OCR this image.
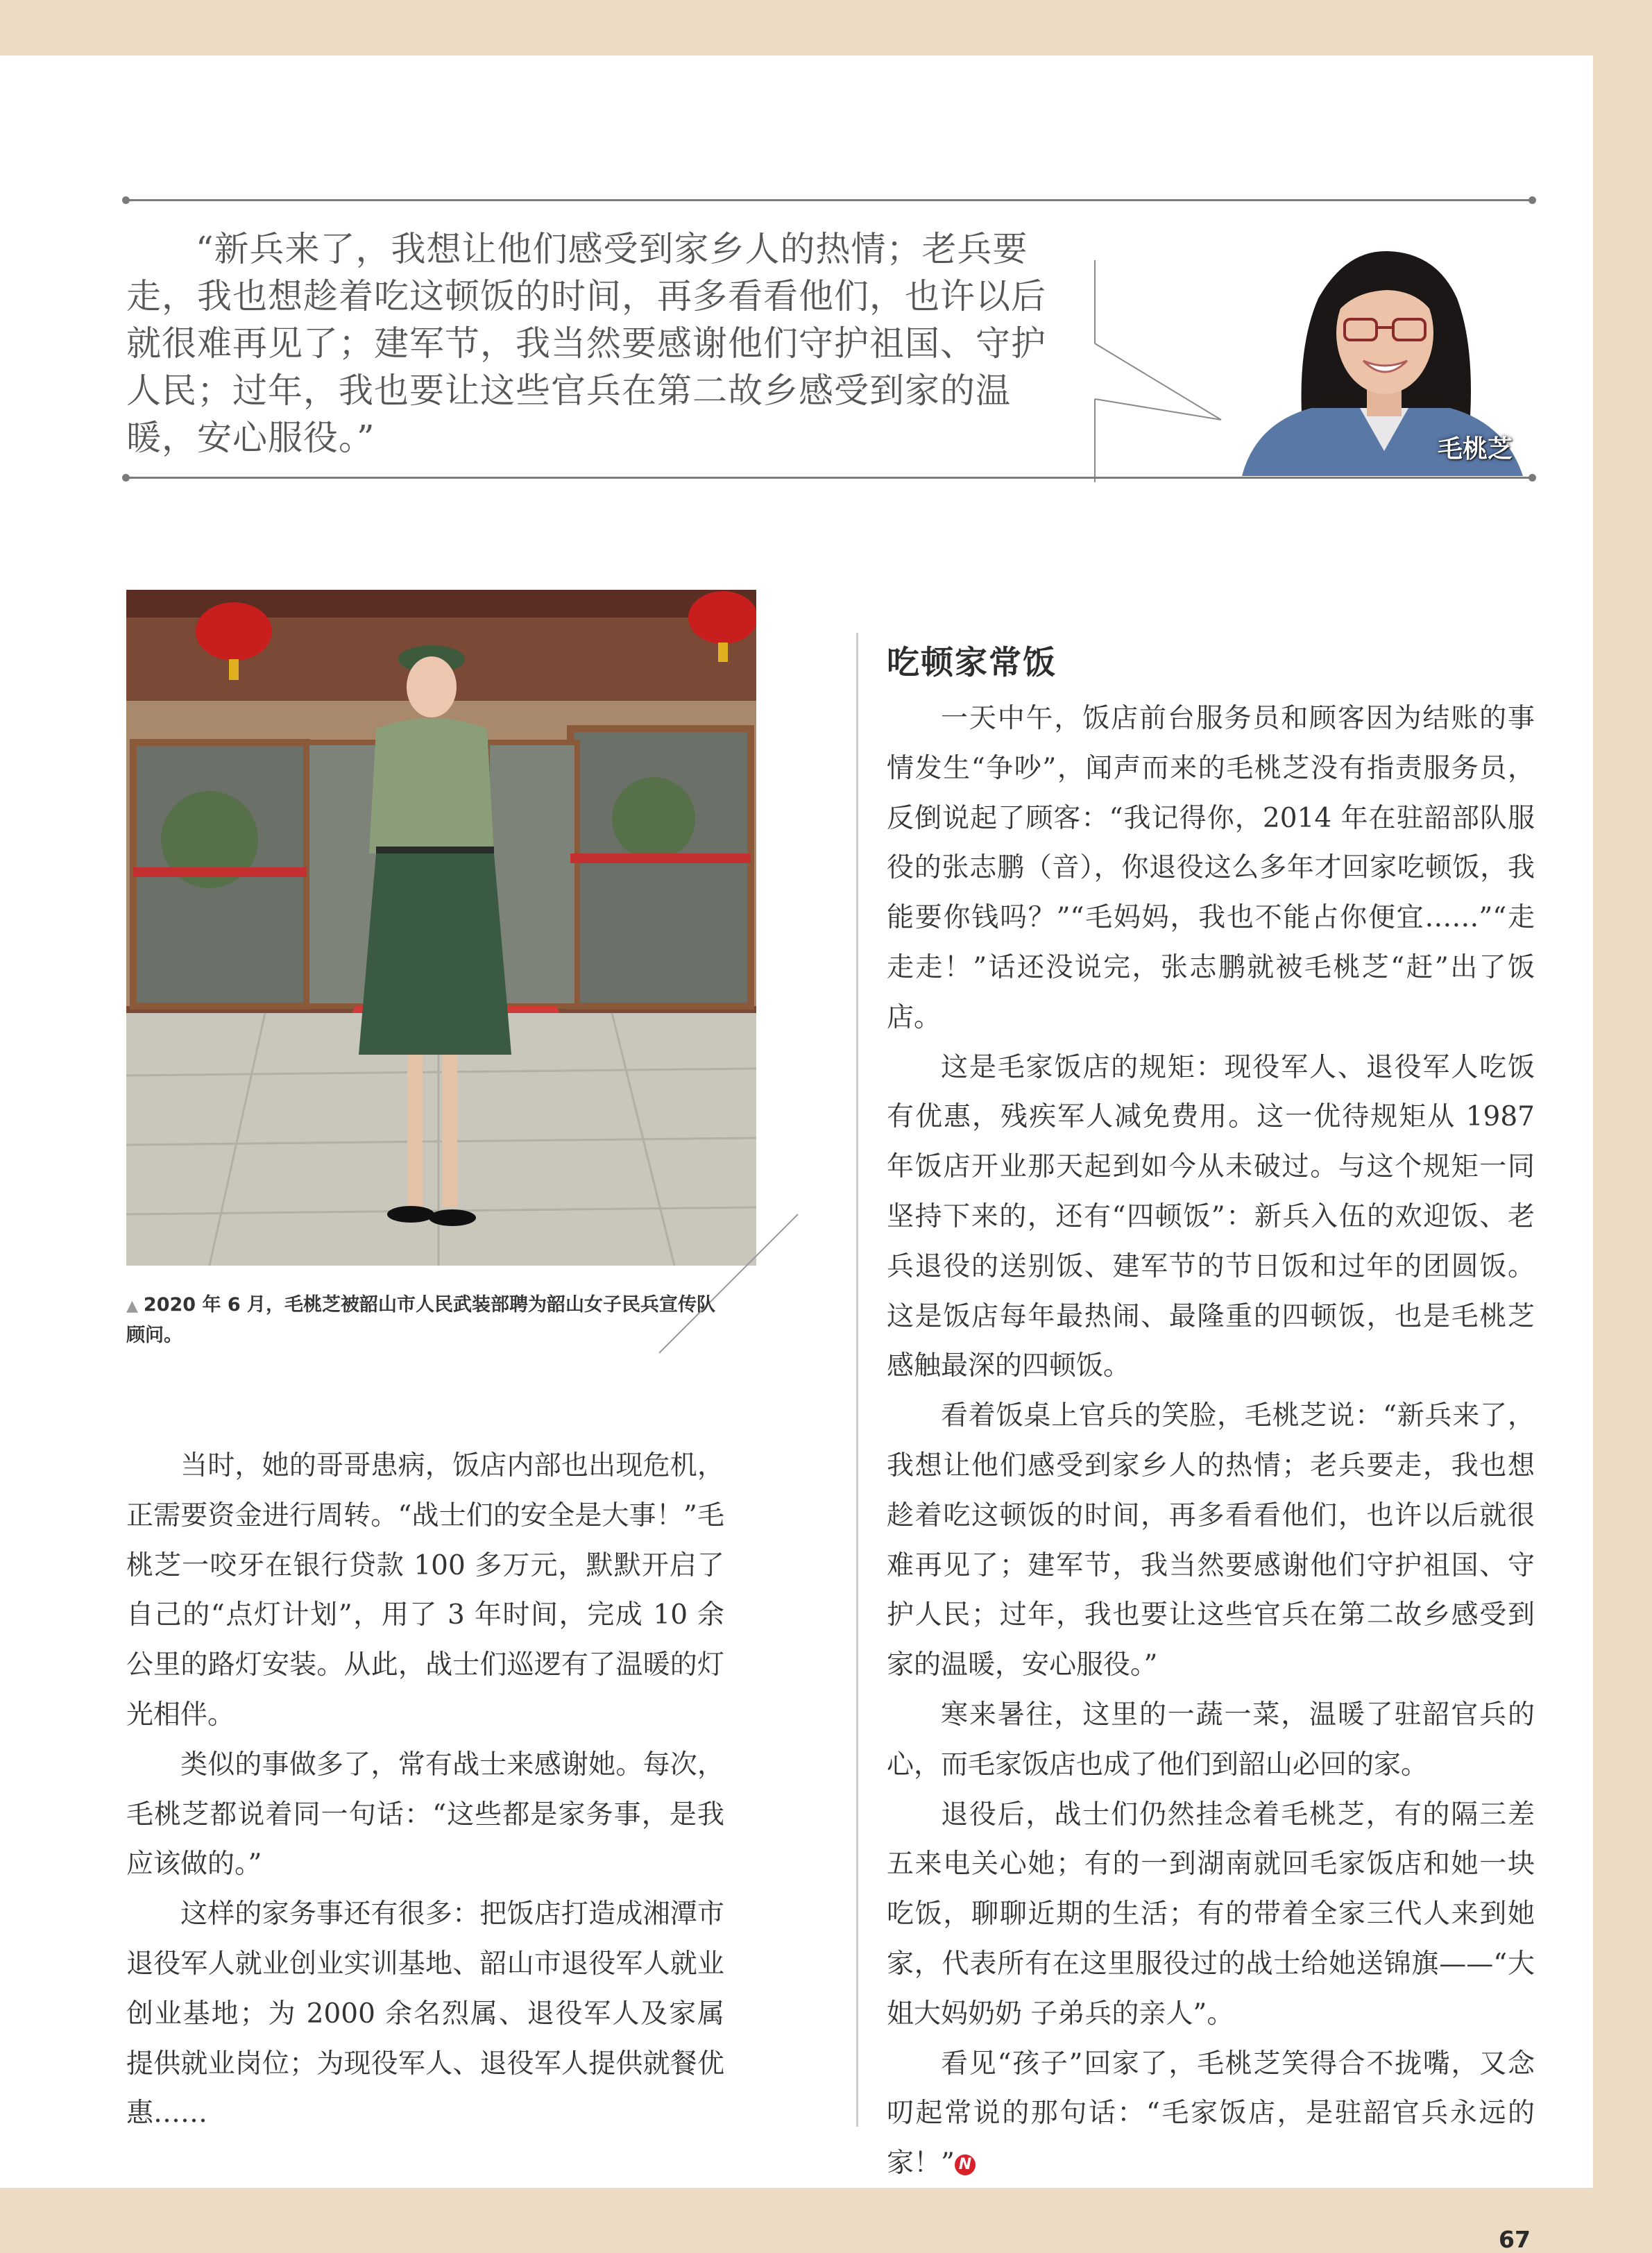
“新兵来了，我想让他们感受到家乡人的热情；老兵要走，我也想趁着吃这顿饭的时间，再多看看他们，也许以后就很难再见了；建军节，我当然要感谢他们守护祖国、守护人民；过年，我也要让这些官兵在第二故乡感受到家的温暖，安心服役。”	毛桃芝
▲ 2020 年 6 月，毛桃芝被韶山市人民武装部聘为韶山女子民兵宣传队顾问。

当时，她的哥哥患病，饭店内部也出现危机，正需要资金进行周转。“战士们的安全是大事！”毛桃芝一咬牙在银行贷款 100 多万元，默默开启了自己的“点灯计划”，用了 3 年时间，完成 10 余公里的路灯安装。从此，战士们巡逻有了温暖的灯光相伴。

类似的事做多了，常有战士来感谢她。每次，毛桃芝都说着同一句话：“这些都是家务事，是我应该做的。”

这样的家务事还有很多：把饭店打造成湘潭市退役军人就业创业实训基地、韶山市退役军人就业创业基地；为 2000 余名烈属、退役军人及家属提供就业岗位；为现役军人、退役军人提供就餐优惠……

吃顿家常饭

一天中午，饭店前台服务员和顾客因为结账的事情发生“争吵”，闻声而来的毛桃芝没有指责服务员，反倒说起了顾客：“我记得你，2014 年在驻韶部队服役的张志鹏（音），你退役这么多年才回家吃顿饭，我能要你钱吗？”“毛妈妈，我也不能占你便宜……”“走走走！”话还没说完，张志鹏就被毛桃芝“赶”出了饭店。

这是毛家饭店的规矩：现役军人、退役军人吃饭有优惠，残疾军人减免费用。这一优待规矩从 1987 年饭店开业那天起到如今从未破过。与这个规矩一同坚持下来的，还有“四顿饭”：新兵入伍的欢迎饭、老兵退役的送别饭、建军节的节日饭和过年的团圆饭。这是饭店每年最热闹、最隆重的四顿饭，也是毛桃芝感触最深的四顿饭。

看着饭桌上官兵的笑脸，毛桃芝说：“新兵来了，我想让他们感受到家乡人的热情；老兵要走，我也想趁着吃这顿饭的时间，再多看看他们，也许以后就很难再见了；建军节，我当然要感谢他们守护祖国、守护人民；过年，我也要让这些官兵在第二故乡感受到家的温暖，安心服役。”

寒来暑往，这里的一蔬一菜，温暖了驻韶官兵的心，而毛家饭店也成了他们到韶山必回的家。

退役后，战士们仍然挂念着毛桃芝，有的隔三差五来电关心她；有的一到湖南就回毛家饭店和她一块吃饭，聊聊近期的生活；有的带着全家三代人来到她家，代表所有在这里服役过的战士给她送锦旗——“大姐大妈奶奶 子弟兵的亲人”。

看见“孩子”回家了，毛桃芝笑得合不拢嘴，又念叨起常说的那句话：“毛家饭店，是驻韶官兵永远的家！” N

67
